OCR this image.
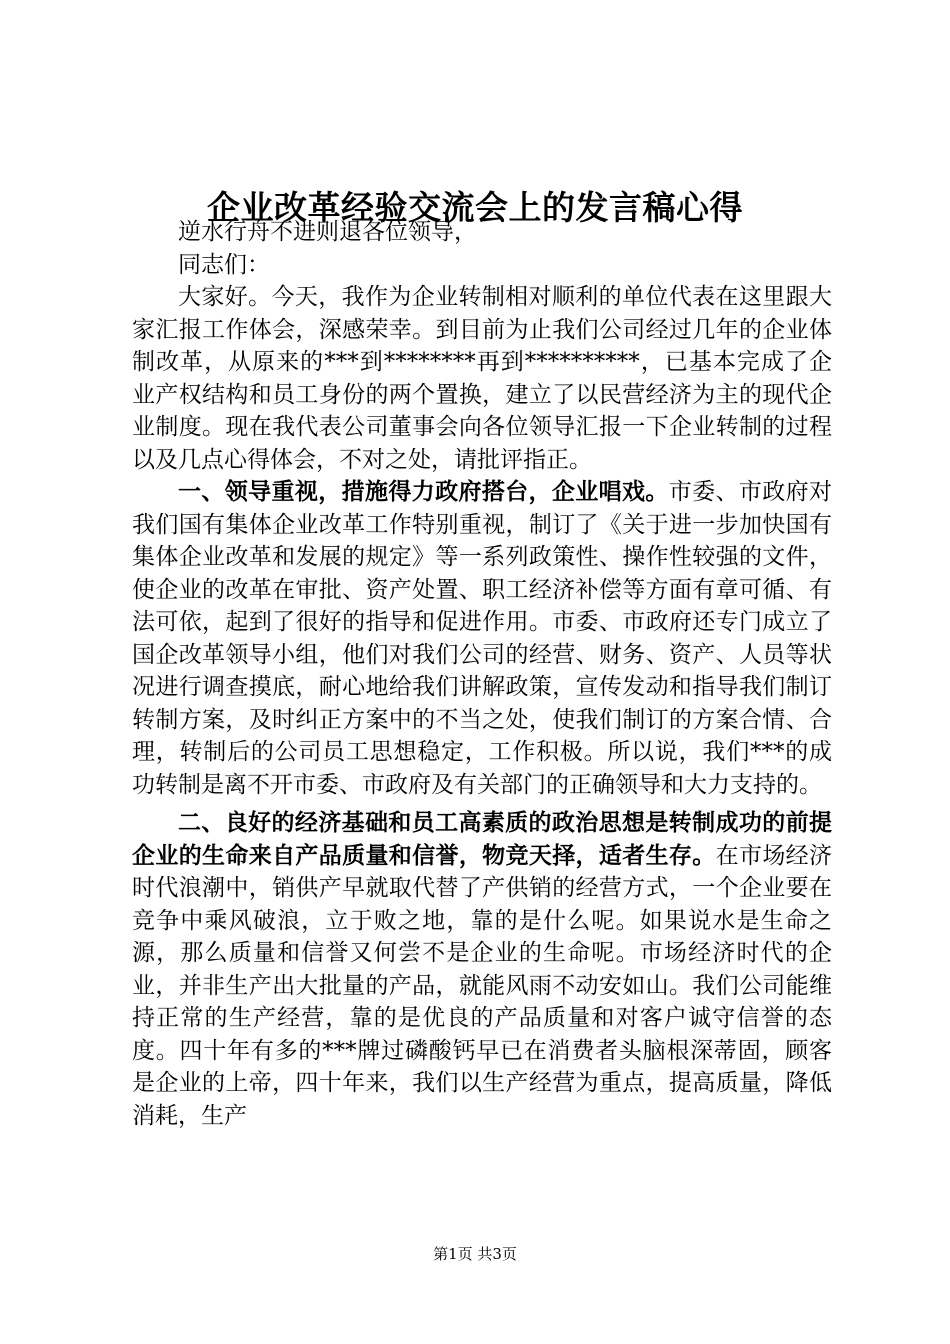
企业改革经验交流会上的发言稿心得

逆水行舟不进则退各位领导，

同志们：

大家好。今天，我作为企业转制相对顺利的单位代表在这里跟大家汇报工作体会，深感荣幸。到目前为止我们公司经过几年的企业体制改革，从原来的***到********再到**********，已基本完成了企业产权结构和员工身份的两个置换，建立了以民营经济为主的现代企业制度。现在我代表公司董事会向各位领导汇报一下企业转制的过程以及几点心得体会，不对之处，请批评指正。

一、领导重视，措施得力政府搭台，企业唱戏。市委、市政府对我们国有集体企业改革工作特别重视，制订了《关于进一步加快国有集体企业改革和发展的规定》等一系列政策性、操作性较强的文件，使企业的改革在审批、资产处置、职工经济补偿等方面有章可循、有法可依，起到了很好的指导和促进作用。市委、市政府还专门成立了国企改革领导小组，他们对我们公司的经营、财务、资产、人员等状况进行调查摸底，耐心地给我们讲解政策，宣传发动和指导我们制订转制方案，及时纠正方案中的不当之处，使我们制订的方案合情、合理，转制后的公司员工思想稳定，工作积极。所以说，我们***的成功转制是离不开市委、市政府及有关部门的正确领导和大力支持的。

二、良好的经济基础和员工高素质的政治思想是转制成功的前提企业的生命来自产品质量和信誉，物竞天择，适者生存。在市场经济时代浪潮中，销供产早就取代替了产供销的经营方式，一个企业要在竞争中乘风破浪，立于败之地，靠的是什么呢。如果说水是生命之源，那么质量和信誉又何尝不是企业的生命呢。市场经济时代的企业，并非生产出大批量的产品，就能风雨不动安如山。我们公司能维持正常的生产经营，靠的是优良的产品质量和对客户诚守信誉的态度。四十年有多的***牌过磷酸钙早已在消费者头脑根深蒂固，顾客是企业的上帝，四十年来，我们以生产经营为重点，提高质量，降低消耗，生产

第1页 共3页
